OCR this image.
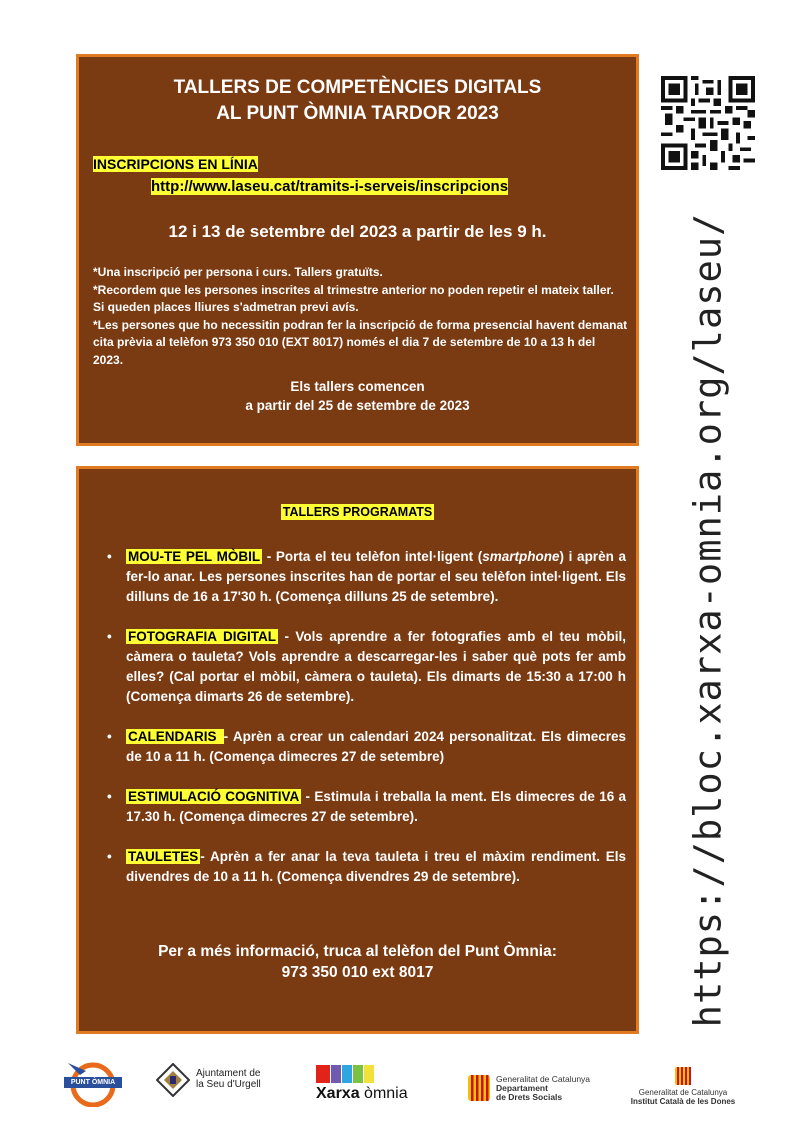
TALLERS DE COMPETÈNCIES DIGITALS
AL PUNT ÒMNIA TARDOR 2023
INSCRIPCIONS EN LÍNIA
http://www.laseu.cat/tramits-i-serveis/inscripcions
12 i 13 de setembre del 2023 a partir de les 9 h.

*Una inscripció per persona i curs. Tallers gratuïts.

*Recordem que les persones inscrites al trimestre anterior no poden repetir el mateix taller. Si queden places lliures s'admetran previ avís.

*Les persones que ho necessitin podran fer la inscripció de forma presencial havent demanat cita prèvia al telèfon 973 350 010 (EXT 8017) només el dia 7 de setembre de 10 a 13 h del 2023.

Els tallers comencen
a partir del 25 de setembre de 2023	https://bloc.xarxa-omnia.org/laseu/
TALLERS PROGRAMATS
• MOU-TE PEL MÒBIL - Porta el teu telèfon intel·ligent (smartphone) i aprèn a fer-lo anar. Les persones inscrites han de portar el seu telèfon intel·ligent. Els dilluns de 16 a 17'30 h. (Comença dilluns 25 de setembre).
• FOTOGRAFIA DIGITAL - Vols aprendre a fer fotografies amb el teu mòbil, càmera o tauleta? Vols aprendre a descarregar-les i saber què pots fer amb elles? (Cal portar el mòbil, càmera o tauleta). Els dimarts de 15:30 a 17:00 h (Comença dimarts 26 de setembre).
• CALENDARIS - Aprèn a crear un calendari 2024 personalitzat. Els dimecres de 10 a 11 h. (Comença dimecres 27 de setembre)
• ESTIMULACIÓ COGNITIVA - Estimula i treballa la ment. Els dimecres de 16 a 17.30 h. (Comença dimecres 27 de setembre).
• TAULETES - Aprèn a fer anar la teva tauleta i treu el màxim rendiment. Els divendres de 10 a 11 h. (Comença divendres 29 de setembre).
Per a més informació, truca al telèfon del Punt Òmnia:
973 350 010 ext 8017
PUNT ÒMNIA
Ajuntament de
la Seu d'Urgell
Xarxa òmnia
Generalitat de Catalunya
Departament
de Drets Socials	Generalitat de Catalunya
Institut Català de les Dones
